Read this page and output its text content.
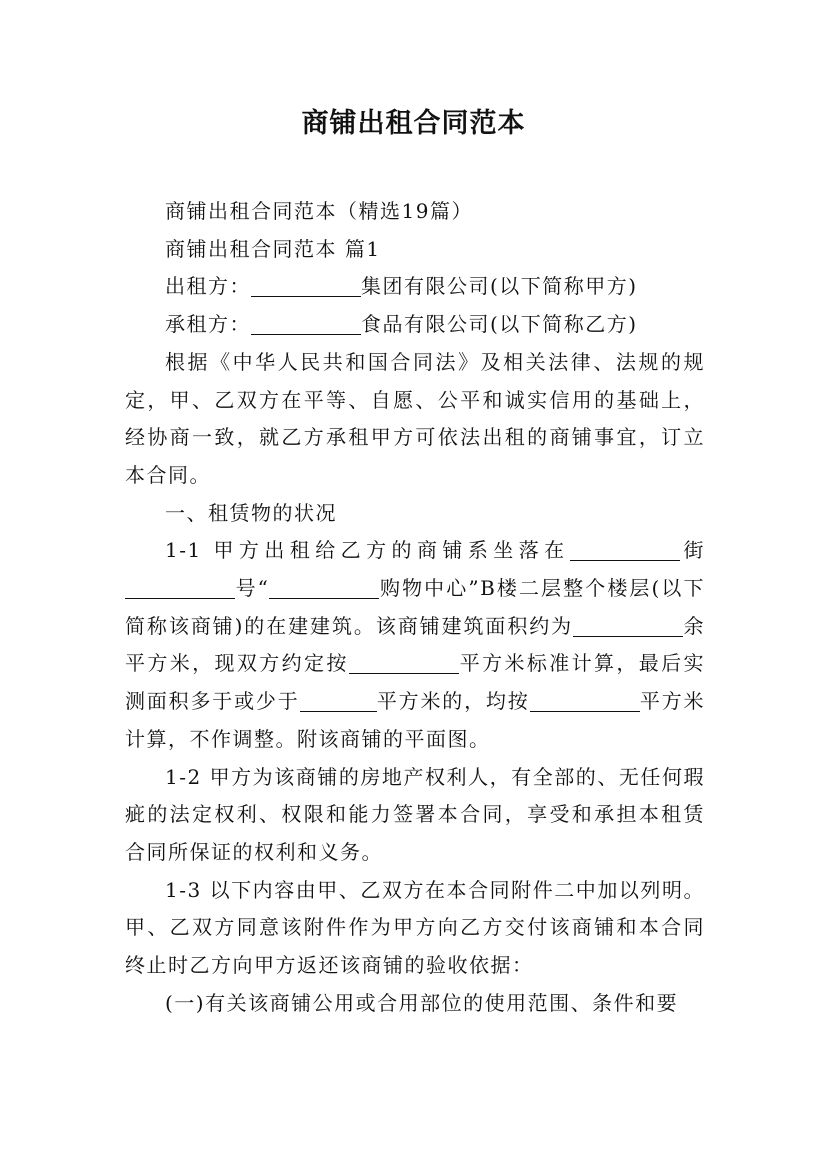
商铺出租合同范本

商铺出租合同范本（精选19篇）

商铺出租合同范本 篇1

出租方：	集团有限公司(以下简称甲方)

承租方：	食品有限公司(以下简称乙方)

根据《中华人民共和国合同法》及相关法律、法规的规定，甲、乙双方在平等、自愿、公平和诚实信用的基础上，经协商一致，就乙方承租甲方可依法出租的商铺事宜，订立本合同。

一、租赁物的状况

1-1 甲方出租给乙方的商铺系坐落在	街号“	购物中心”B楼二层整个楼层(以下简称该商铺)的在建建筑。该商铺建筑面积约为	余平方米，现双方约定按	平方米标准计算，最后实测面积多于或少于	平方米的，均按	平方米计算，不作调整。附该商铺的平面图。

1-2 甲方为该商铺的房地产权利人，有全部的、无任何瑕疵的法定权利、权限和能力签署本合同，享受和承担本租赁合同所保证的权利和义务。

1-3 以下内容由甲、乙双方在本合同附件二中加以列明。甲、乙双方同意该附件作为甲方向乙方交付该商铺和本合同终止时乙方向甲方返还该商铺的验收依据：

(一)有关该商铺公用或合用部位的使用范围、条件和要
